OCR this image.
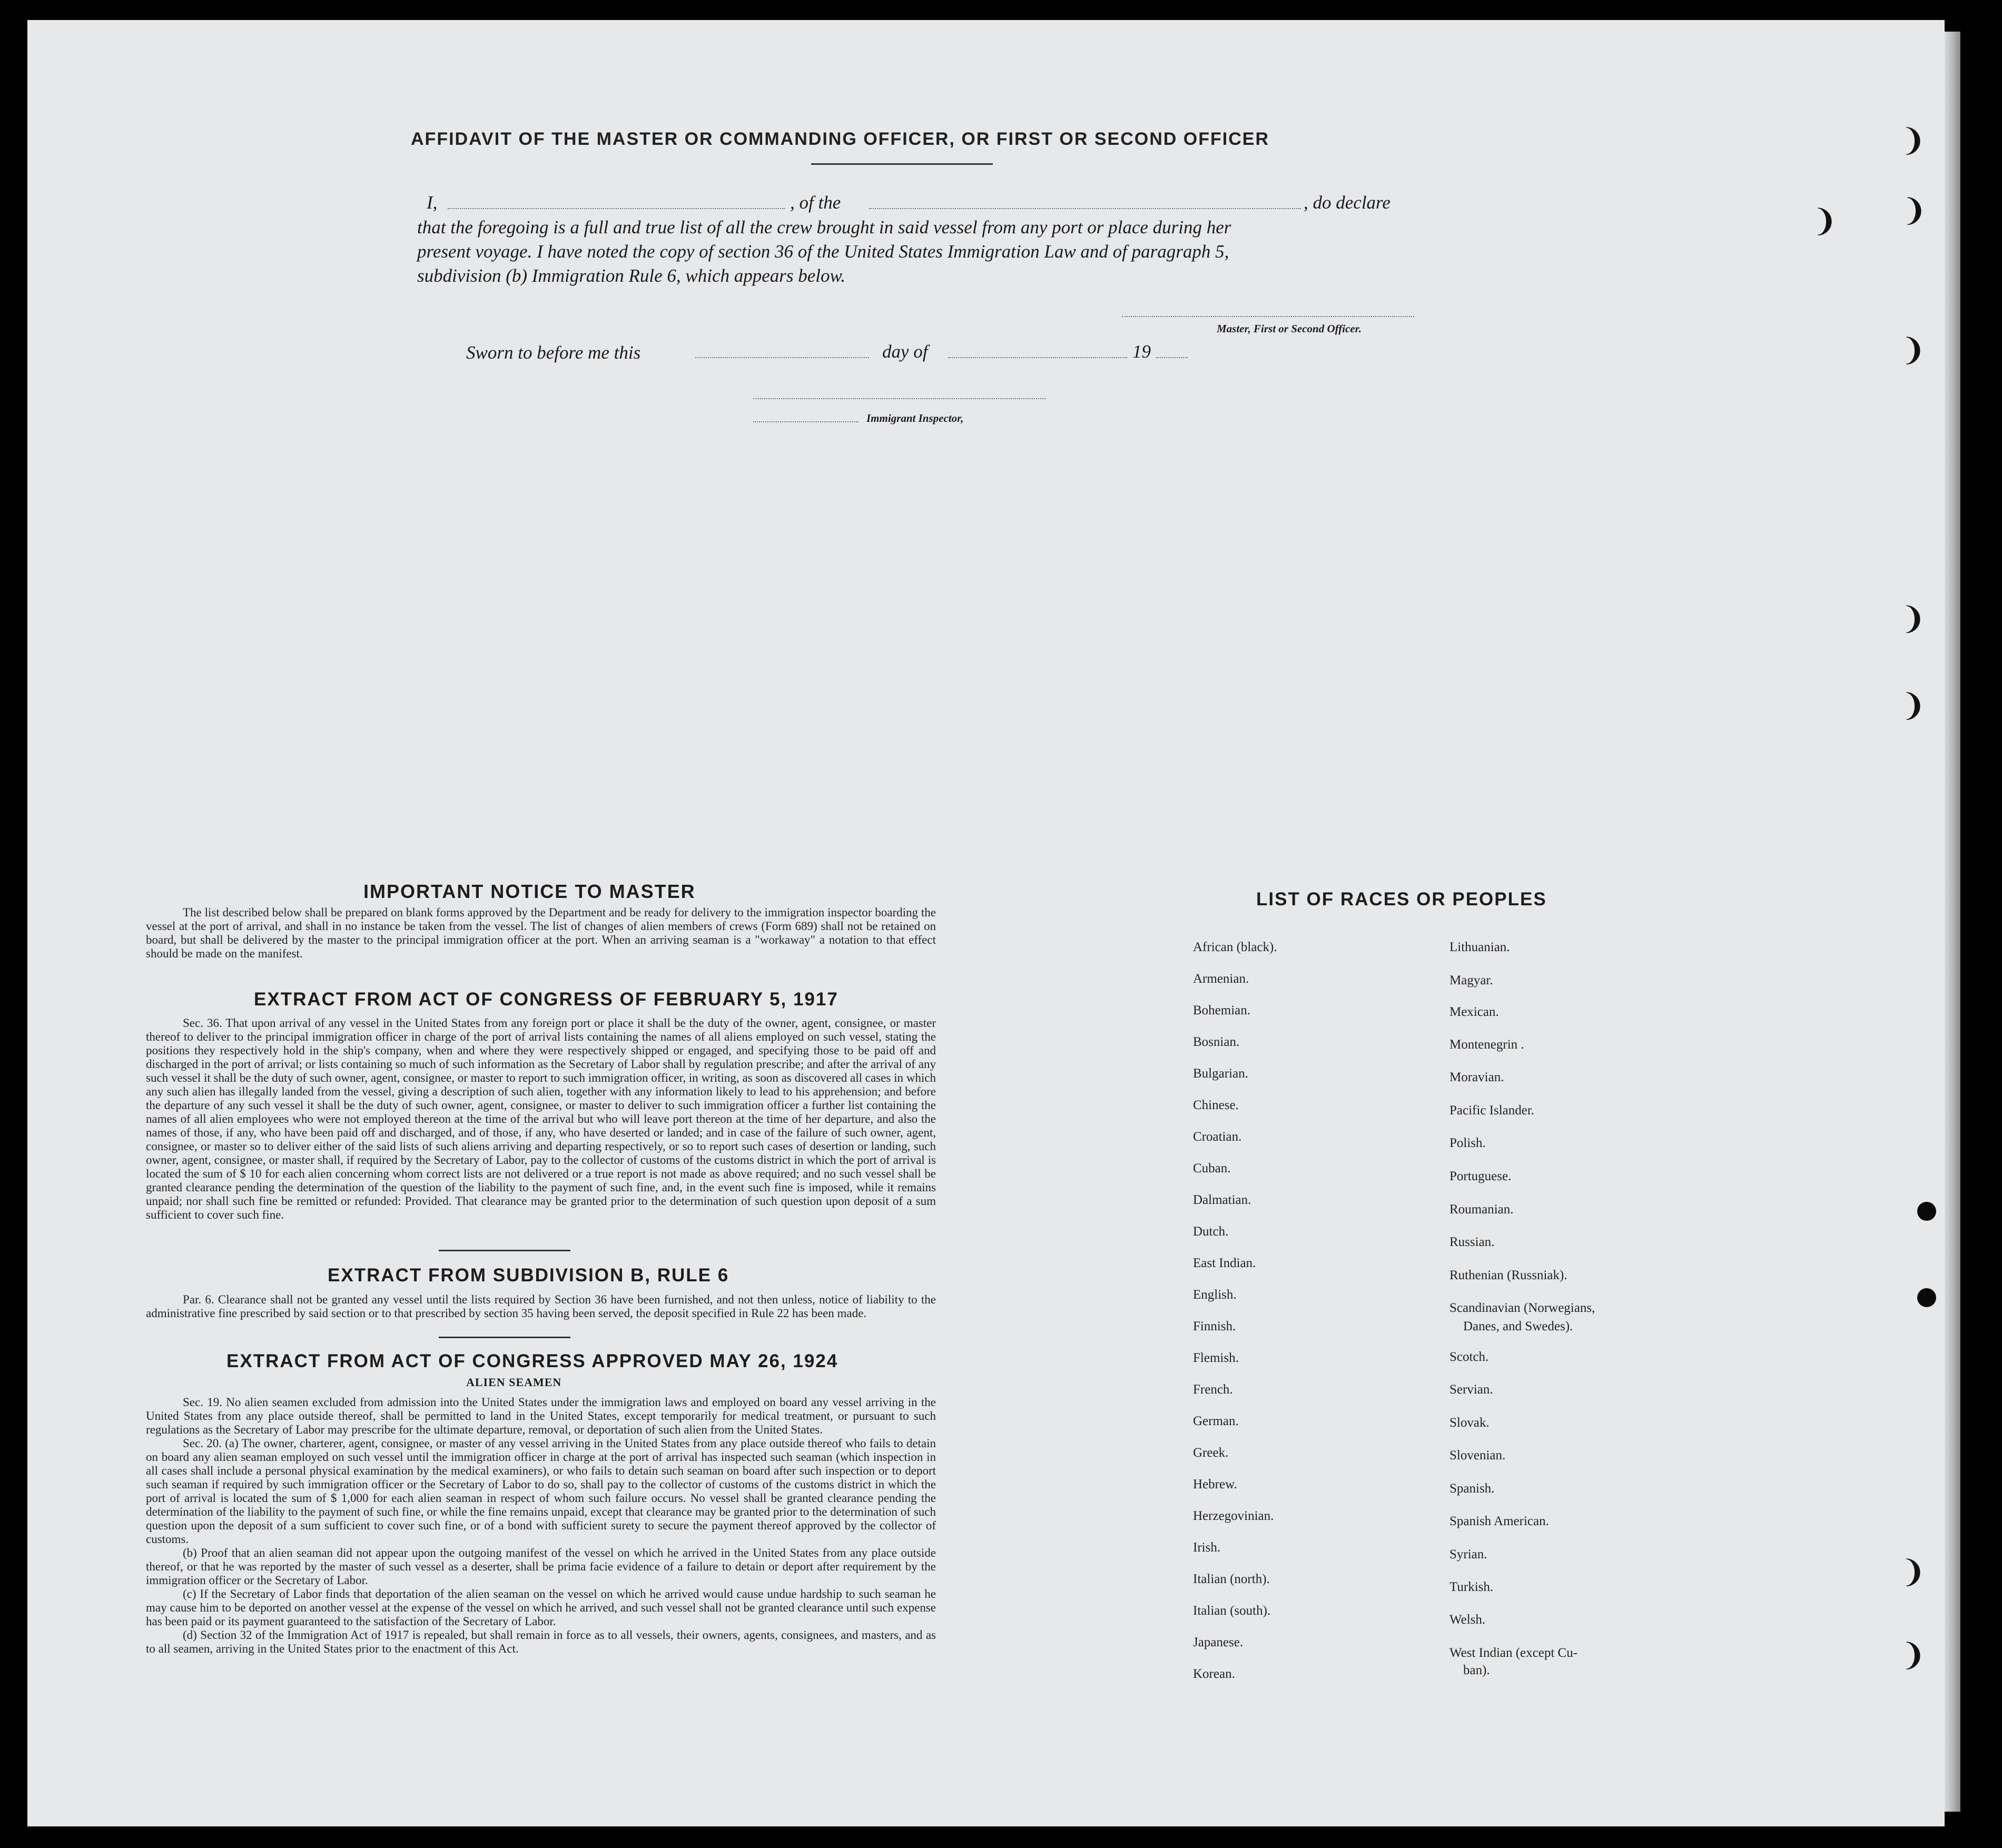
❩
❩
❩
❩
❩
❩
❩
❩
AFFIDAVIT OF THE MASTER OR COMMANDING OFFICER, OR FIRST OR SECOND OFFICER
I,	, of the	, do declare
that the foregoing is a full and true list of all the crew brought in said vessel from any port or place during her
present voyage. I have noted the copy of section 36 of the United States Immigration Law and of paragraph 5,
subdivision (b) Immigration Rule 6, which appears below.
Master, First or Second Officer.
Sworn to before me this	day of	19
Immigrant Inspector,
IMPORTANT NOTICE TO MASTER

The list described below shall be prepared on blank forms approved by the Department and be ready for delivery to the immigration inspector boarding the vessel at the port of arrival, and shall in no instance be taken from the vessel. The list of changes of alien members of crews (Form 689) shall not be retained on board, but shall be delivered by the master to the principal immigration officer at the port. When an arriving seaman is a "workaway" a notation to that effect should be made on the manifest.

EXTRACT FROM ACT OF CONGRESS OF FEBRUARY 5, 1917

Sec. 36. That upon arrival of any vessel in the United States from any foreign port or place it shall be the duty of the owner, agent, consignee, or master thereof to deliver to the principal immigration officer in charge of the port of arrival lists containing the names of all aliens employed on such vessel, stating the positions they respectively hold in the ship's company, when and where they were respectively shipped or engaged, and specifying those to be paid off and discharged in the port of arrival; or lists containing so much of such information as the Secretary of Labor shall by regulation prescribe; and after the arrival of any such vessel it shall be the duty of such owner, agent, consignee, or master to report to such immigration officer, in writing, as soon as discovered all cases in which any such alien has illegally landed from the vessel, giving a description of such alien, together with any information likely to lead to his apprehension; and before the departure of any such vessel it shall be the duty of such owner, agent, consignee, or master to deliver to such immigration officer a further list containing the names of all alien employees who were not employed thereon at the time of the arrival but who will leave port thereon at the time of her departure, and also the names of those, if any, who have been paid off and discharged, and of those, if any, who have deserted or landed; and in case of the failure of such owner, agent, consignee, or master so to deliver either of the said lists of such aliens arriving and departing respectively, or so to report such cases of desertion or landing, such owner, agent, consignee, or master shall, if required by the Secretary of Labor, pay to the collector of customs of the customs district in which the port of arrival is located the sum of $ 10 for each alien concerning whom correct lists are not delivered or a true report is not made as above required; and no such vessel shall be granted clearance pending the determination of the question of the liability to the payment of such fine, and, in the event such fine is imposed, while it remains unpaid; nor shall such fine be remitted or refunded: Provided. That clearance may be granted prior to the determination of such question upon deposit of a sum sufficient to cover such fine.

EXTRACT FROM SUBDIVISION B, RULE 6

Par. 6. Clearance shall not be granted any vessel until the lists required by Section 36 have been furnished, and not then unless, notice of liability to the administrative fine prescribed by said section or to that prescribed by section 35 having been served, the deposit specified in Rule 22 has been made.

EXTRACT FROM ACT OF CONGRESS APPROVED MAY 26, 1924
ALIEN SEAMEN

Sec. 19. No alien seamen excluded from admission into the United States under the immigration laws and employed on board any vessel arriving in the United States from any place outside thereof, shall be permitted to land in the United States, except temporarily for medical treatment, or pursuant to such regulations as the Secretary of Labor may prescribe for the ultimate departure, removal, or deportation of such alien from the United States.

Sec. 20. (a) The owner, charterer, agent, consignee, or master of any vessel arriving in the United States from any place outside thereof who fails to detain on board any alien seaman employed on such vessel until the immigration officer in charge at the port of arrival has inspected such seaman (which inspection in all cases shall include a personal physical examination by the medical examiners), or who fails to detain such seaman on board after such inspection or to deport such seaman if required by such immigration officer or the Secretary of Labor to do so, shall pay to the collector of customs of the customs district in which the port of arrival is located the sum of $ 1,000 for each alien seaman in respect of whom such failure occurs. No vessel shall be granted clearance pending the determination of the liability to the payment of such fine, or while the fine remains unpaid, except that clearance may be granted prior to the determination of such question upon the deposit of a sum sufficient to cover such fine, or of a bond with sufficient surety to secure the payment thereof approved by the collector of customs.

(b) Proof that an alien seaman did not appear upon the outgoing manifest of the vessel on which he arrived in the United States from any place outside thereof, or that he was reported by the master of such vessel as a deserter, shall be prima facie evidence of a failure to detain or deport after requirement by the immigration officer or the Secretary of Labor.

(c) If the Secretary of Labor finds that deportation of the alien seaman on the vessel on which he arrived would cause undue hardship to such seaman he may cause him to be deported on another vessel at the expense of the vessel on which he arrived, and such vessel shall not be granted clearance until such expense has been paid or its payment guaranteed to the satisfaction of the Secretary of Labor.

(d) Section 32 of the Immigration Act of 1917 is repealed, but shall remain in force as to all vessels, their owners, agents, consignees, and masters, and as to all seamen, arriving in the United States prior to the enactment of this Act.

LIST OF RACES OR PEOPLES
African (black).
Armenian.
Bohemian.
Bosnian.
Bulgarian.
Chinese.
Croatian.
Cuban.
Dalmatian.
Dutch.
East Indian.
English.
Finnish.
Flemish.
French.
German.
Greek.
Hebrew.
Herzegovinian.
Irish.
Italian (north).
Italian (south).
Japanese.
Korean.
Lithuanian.
Magyar.
Mexican.
Montenegrin .
Moravian.
Pacific Islander.
Polish.
Portuguese.
Roumanian.
Russian.
Ruthenian (Russniak).
Scandinavian (Norwegians,
Danes, and Swedes).
Scotch.
Servian.
Slovak.
Slovenian.
Spanish.
Spanish American.
Syrian.
Turkish.
Welsh.
West Indian (except Cu-
ban).
